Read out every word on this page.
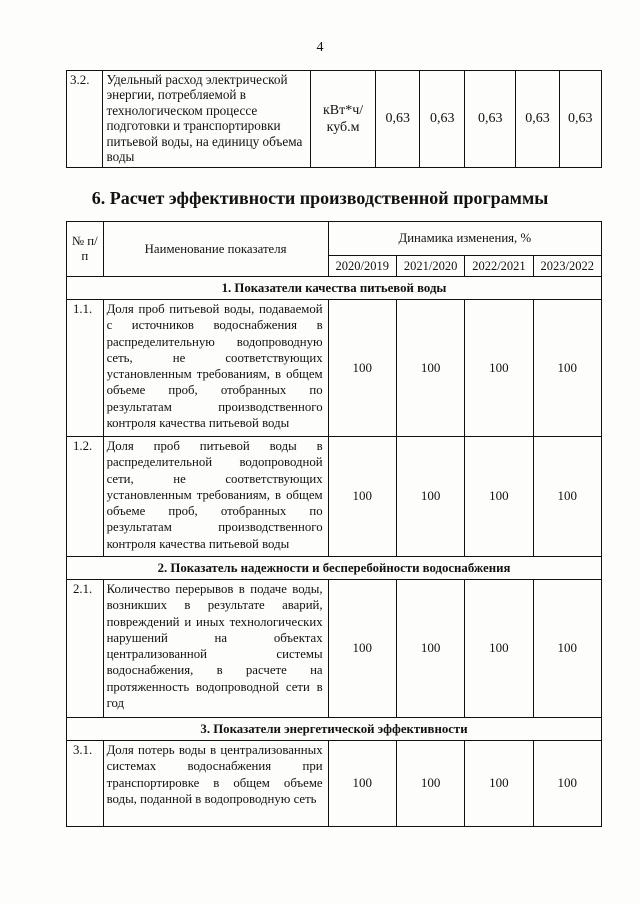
4
3.2.	Удельный расход электрической энергии, потребляемой в технологическом процессе подготовки и транспортировки питьевой воды, на единицу объема воды	кВт*ч/ куб.м	0,63	0,63	0,63	0,63	0,63
6. Расчет эффективности производственной программы
№ п/п	Наименование показателя	Динамика изменения, %			
		2020/2019	2021/2020	2022/2021	2023/2022
1. Показатели качества питьевой воды					
1.1.	Доля проб питьевой воды, подаваемой с источников водоснабжения в распределительную водопроводную сеть, не соответствующих установленным требованиям, в общем объеме проб, отобранных по результатам производственного контроля качества питьевой воды	100	100	100	100
1.2.	Доля проб питьевой воды в распределительной водопроводной сети, не соответствующих установленным требованиям, в общем объеме проб, отобранных по результатам производственного контроля качества питьевой воды	100	100	100	100
2. Показатель надежности и бесперебойности водоснабжения					
2.1.	Количество перерывов в подаче воды, возникших в результате аварий, повреждений и иных технологических нарушений на объектах централизованной системы водоснабжения, в расчете на протяженность водопроводной сети в год	100	100	100	100
3. Показатели энергетической эффективности					
3.1.	Доля потерь воды в централизованных системах водоснабжения при транспортировке в общем объеме воды, поданной в водопроводную сеть	100	100	100	100
